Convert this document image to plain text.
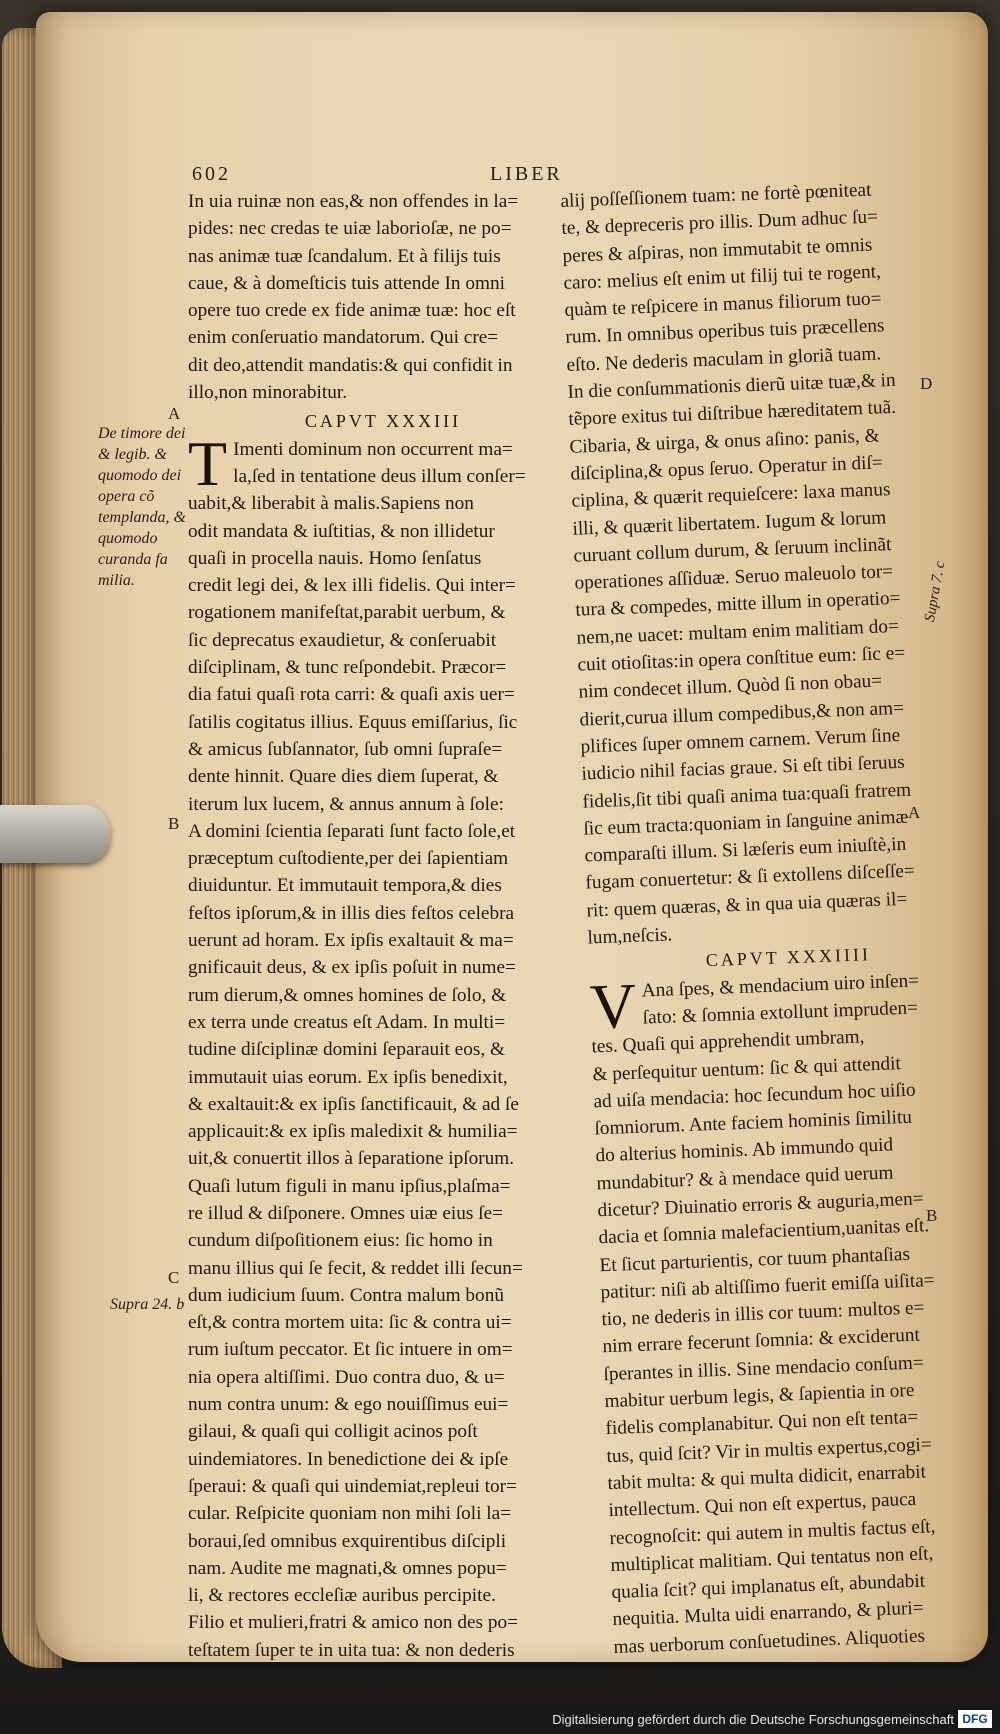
602	LIBER
In uia ruinæ non eas,& non offendes in la=
pides: nec credas te uiæ laborioſæ, ne po=
nas animæ tuæ ſcandalum. Et à filijs tuis
caue, & à domeſticis tuis attende In omni
opere tuo crede ex fide animæ tuæ: hoc eſt
enim conſeruatio mandatorum. Qui cre=
dit deo,attendit mandatis:& qui confidit in
illo,non minorabitur.
CAPVT XXXIII
T Imenti dominum non occurrent ma=
la,ſed in tentatione deus illum conſer=
uabit,& liberabit à malis.Sapiens non
odit mandata & iuſtitias, & non illidetur
quaſi in procella nauis. Homo ſenſatus
credit legi dei, & lex illi fidelis. Qui inter=
rogationem manifeſtat,parabit uerbum, &
ſic deprecatus exaudietur, & conſeruabit
diſciplinam, & tunc reſpondebit. Præcor=
dia fatui quaſi rota carri: & quaſi axis uer=
ſatilis cogitatus illius. Equus emiſſarius, ſic
& amicus ſubſannator, ſub omni ſupraſe=
dente hinnit. Quare dies diem ſuperat, &
iterum lux lucem, & annus annum à ſole:
A domini ſcientia ſeparati ſunt facto ſole,et
præceptum cuſtodiente,per dei ſapientiam
diuiduntur. Et immutauit tempora,& dies
feſtos ipſorum,& in illis dies feſtos celebra
uerunt ad horam. Ex ipſis exaltauit & ma=
gnificauit deus, & ex ipſis poſuit in nume=
rum dierum,& omnes homines de ſolo, &
ex terra unde creatus eſt Adam. In multi=
tudine diſciplinæ domini ſeparauit eos, &
immutauit uias eorum. Ex ipſis benedixit,
& exaltauit:& ex ipſis ſanctificauit, & ad ſe
applicauit:& ex ipſis maledixit & humilia=
uit,& conuertit illos à ſeparatione ipſorum.
Quaſi lutum figuli in manu ipſius,plaſma=
re illud & diſponere. Omnes uiæ eius ſe=
cundum diſpoſitionem eius: ſic homo in
manu illius qui ſe fecit, & reddet illi ſecun=
dum iudicium ſuum. Contra malum bonũ
eſt,& contra mortem uita: ſic & contra ui=
rum iuſtum peccator. Et ſic intuere in om=
nia opera altiſſimi. Duo contra duo, & u=
num contra unum: & ego nouiſſimus eui=
gilaui, & quaſi qui colligit acinos poſt
uindemiatores. In benedictione dei & ipſe
ſperaui: & quaſi qui uindemiat,repleui tor=
cular. Reſpicite quoniam non mihi ſoli la=
boraui,ſed omnibus exquirentibus diſcipli
nam. Audite me magnati,& omnes popu=
li, & rectores eccleſiæ auribus percipite.
Filio et mulieri,fratri & amico non des po=
teſtatem ſuper te in uita tua: & non dederis
alij poſſeſſionem tuam: ne fortè pœniteat
te, & depreceris pro illis. Dum adhuc ſu=
peres & aſpiras, non immutabit te omnis
caro: melius eſt enim ut filij tui te rogent,
quàm te reſpicere in manus filiorum tuo=
rum. In omnibus operibus tuis præcellens
eſto. Ne dederis maculam in gloriã tuam.
In die conſummationis dierũ uitæ tuæ,& in
tẽpore exitus tui diſtribue hæreditatem tuã.
Cibaria, & uirga, & onus aſino: panis, &
diſciplina,& opus ſeruo. Operatur in diſ=
ciplina, & quærit requieſcere: laxa manus
illi, & quærit libertatem. Iugum & lorum
curuant collum durum, & ſeruum inclinãt
operationes aſſiduæ. Seruo maleuolo tor=
tura & compedes, mitte illum in operatio=
nem,ne uacet: multam enim malitiam do=
cuit otioſitas:in opera conſtitue eum: ſic e=
nim condecet illum. Quòd ſi non obau=
dierit,curua illum compedibus,& non am=
plifices ſuper omnem carnem. Verum ſine
iudicio nihil facias graue. Si eſt tibi ſeruus
fidelis,ſit tibi quaſi anima tua:quaſi fratrem
ſic eum tracta:quoniam in ſanguine animæ
comparaſti illum. Si læſeris eum iniuſtè,in
fugam conuertetur: & ſi extollens diſceſſe=
rit: quem quæras, & in qua uia quæras il=
lum,neſcis.
CAPVT XXXIIII
V Ana ſpes, & mendacium uiro inſen=
ſato: & ſomnia extollunt impruden=
tes. Quaſi qui apprehendit umbram,
& perſequitur uentum: ſic & qui attendit
ad uiſa mendacia: hoc ſecundum hoc uiſio
ſomniorum. Ante faciem hominis ſimilitu
do alterius hominis. Ab immundo quid
mundabitur? & à mendace quid uerum
dicetur? Diuinatio erroris & auguria,men=
dacia et ſomnia malefacientium,uanitas eſt.
Et ſicut parturientis, cor tuum phantaſias
patitur: niſi ab altiſſimo fuerit emiſſa uiſita=
tio, ne dederis in illis cor tuum: multos e=
nim errare fecerunt ſomnia: & exciderunt
ſperantes in illis. Sine mendacio conſum=
mabitur uerbum legis, & ſapientia in ore
fidelis complanabitur. Qui non eſt tenta=
tus, quid ſcit? Vir in multis expertus,cogi=
tabit multa: & qui multa didicit, enarrabit
intellectum. Qui non eſt expertus, pauca
recognoſcit: qui autem in multis factus eſt,
multiplicat malitiam. Qui tentatus non eſt,
qualia ſcit? qui implanatus eſt, abundabit
nequitia. Multa uidi enarrando, & pluri=
mas uerborum conſuetudines. Aliquoties
uſque
De timore dei & legib. & quomodo dei opera cõ templanda, & quomodo curanda fa milia.	Supra 7. c
Supra 24. b
A
B
C
A
B
D
Digitalisierung gefördert durch die Deutsche Forschungsgemeinschaft DFG
